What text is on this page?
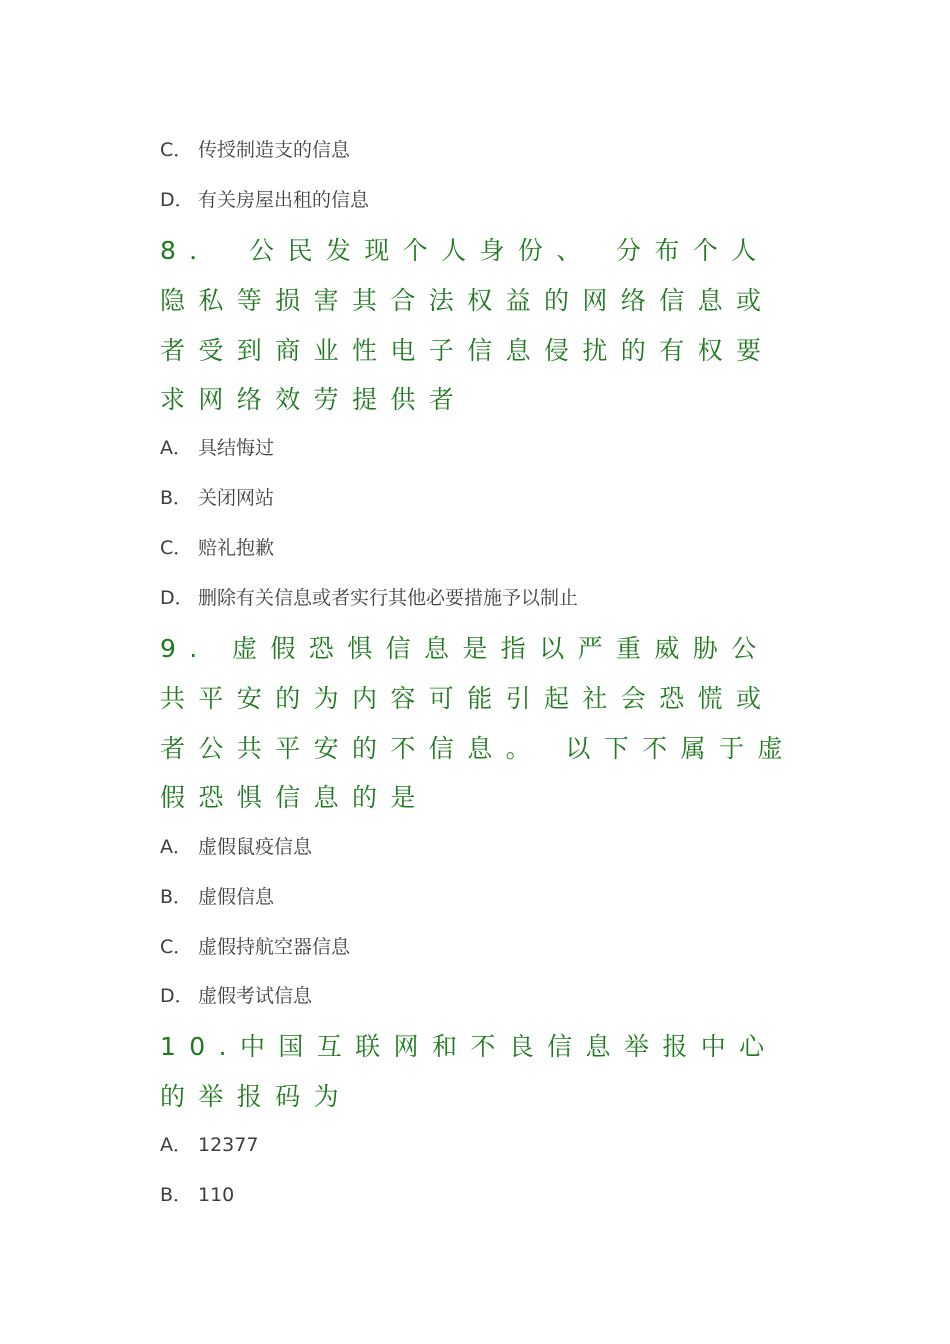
C． 传授制造支的信息
D． 有关房屋出租的信息
8． 公民发现个人身份、 分布个人隐私等损害其合法权益的网络信息或者受到商业性电子信息侵扰的有权要求网络效劳提供者
A． 具结悔过
B． 关闭网站
C． 赔礼抱歉
D． 删除有关信息或者实行其他必要措施予以制止
9. 虚假恐惧信息是指以严重威胁公共平安的为内容可能引起社会恐慌或者公共平安的不信息。 以下不属于虚假恐惧信息的是
A． 虚假鼠疫信息
B． 虚假信息
C． 虚假持航空器信息
D． 虚假考试信息
10.中国互联网和不良信息举报中心的举报码为
A． 12377
B． 110
